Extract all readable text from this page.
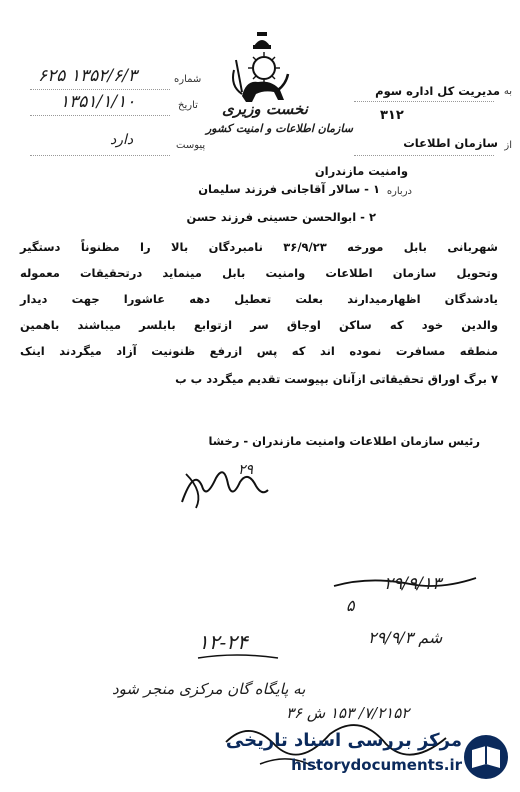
شماره
۱۳۵۲/۶/۳ ۶۲۵
تاریخ
۱۳۵۱/۱/۱۰
پیوست
دارد
نخست وزیری
سازمان اطلاعات و امنیت کشور
به
مدیریت کل اداره سوم
۳۱۲
از
سازمان اطلاعات
وامنیت مازندران
درباره
۱ - سالار آقاجانی فرزند سلیمان
۲ - ابوالحسن حسینی فرزند حسن
شهربانی بابل مورخه ۳۶/۹/۲۳ نامبردگان بالا را مظنوناً دستگیر
وتحویل سازمان اطلاعات وامنیت بابل مینماید درتحقیقات معموله
یادشدگان اظهارمیدارند بعلت تعطیل دهه عاشورا جهت دیدار
والدین خود که ساکن اوجاق سر ازتوابع بابلسر میباشند باهمین
منطقه مسافرت نموده اند که پس ازرفع ظنونیت آزاد میگردند اینک
۷ برگ اوراق تحقیقاتی ازآنان بپیوست تقدیم میگردد ب ب
رئیس سازمان اطلاعات وامنیت مازندران - رخشا
۲۹
۲۹/۹/۱۳
۵
شم ۲۹/۹/۳
۱۲-۲۴
به پایگاه گان مرکزی منجر شود
۷/۲۱۵۲/ ۱۵۳ ش ۳۶
مرکز بررسی اسناد تاریخی
historydocuments.ir
